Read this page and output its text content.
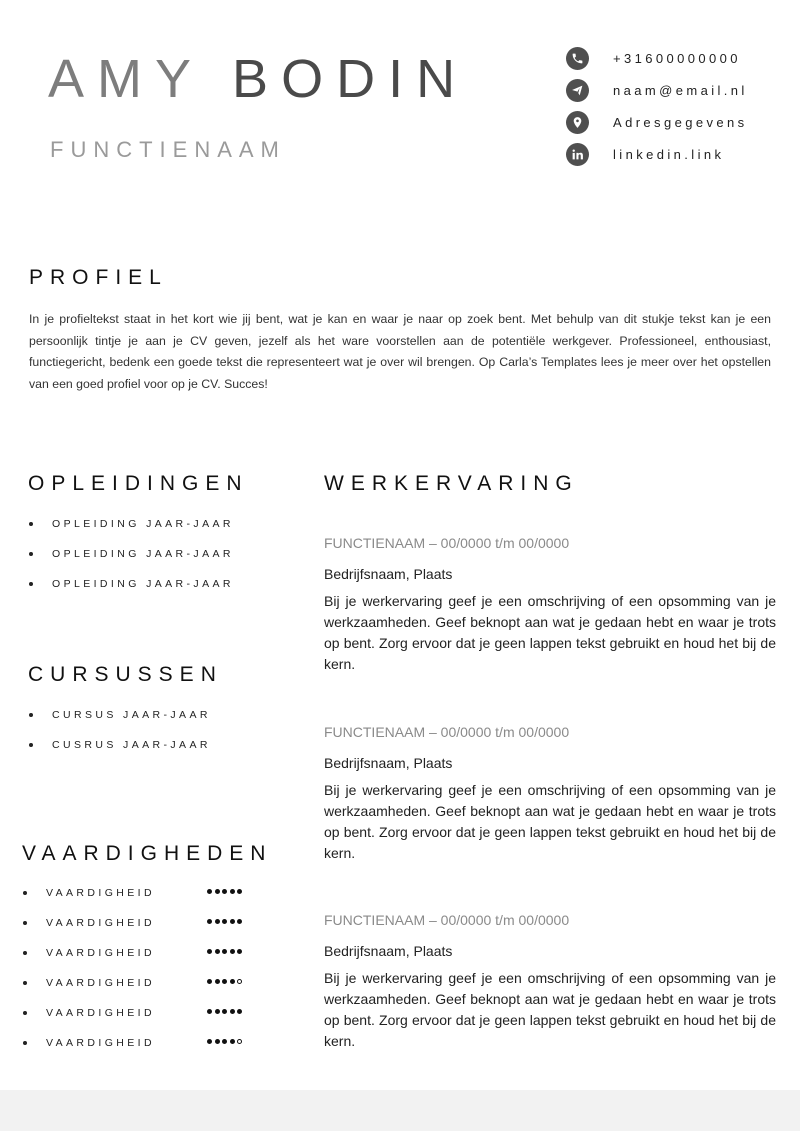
AMY BODIN
FUNCTIENAAM
+31600000000
naam@email.nl
Adresgegevens
linkedin.link
PROFIEL
In je profieltekst staat in het kort wie jij bent, wat je kan en waar je naar op zoek bent. Met behulp van dit stukje tekst kan je een persoonlijk tintje je aan je CV geven, jezelf als het ware voorstellen aan de potentiële werkgever. Professioneel, enthousiast, functiegericht, bedenk een goede tekst die representeert wat je over wil brengen. Op Carla’s Templates lees je meer over het opstellen van een goed profiel voor op je CV. Succes!
OPLEIDINGEN
OPLEIDING JAAR-JAAR
OPLEIDING JAAR-JAAR
OPLEIDING JAAR-JAAR
CURSUSSEN
CURSUS JAAR-JAAR
CUSRUS JAAR-JAAR
VAARDIGHEDEN
VAARDIGHEID
VAARDIGHEID
VAARDIGHEID
VAARDIGHEID
VAARDIGHEID
VAARDIGHEID
WERKERVARING
FUNCTIENAAM – 00/0000 t/m 00/0000
Bedrijfsnaam, Plaats
Bij je werkervaring geef je een omschrijving of een opsomming van je werkzaamheden. Geef beknopt aan wat je gedaan hebt en waar je trots op bent. Zorg ervoor dat je geen lappen tekst gebruikt en houd het bij de kern.
FUNCTIENAAM – 00/0000 t/m 00/0000
Bedrijfsnaam, Plaats
Bij je werkervaring geef je een omschrijving of een opsomming van je werkzaamheden. Geef beknopt aan wat je gedaan hebt en waar je trots op bent. Zorg ervoor dat je geen lappen tekst gebruikt en houd het bij de kern.
FUNCTIENAAM – 00/0000 t/m 00/0000
Bedrijfsnaam, Plaats
Bij je werkervaring geef je een omschrijving of een opsomming van je werkzaamheden. Geef beknopt aan wat je gedaan hebt en waar je trots op bent. Zorg ervoor dat je geen lappen tekst gebruikt en houd het bij de kern.
